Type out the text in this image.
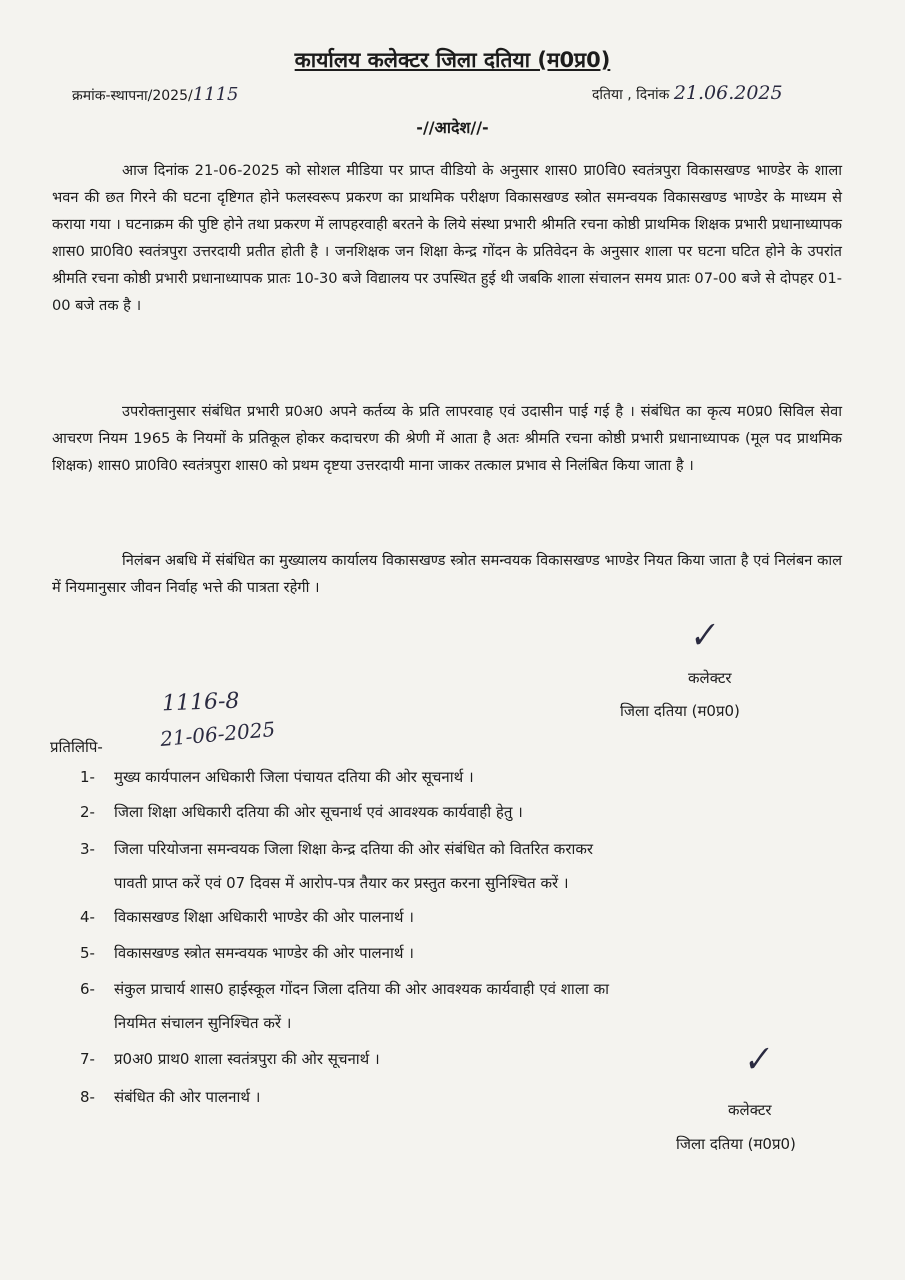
कार्यालय कलेक्टर जिला दतिया (म0प्र0)
क्रमांक-स्थापना/2025/1115	दतिया , दिनांक 21.06.2025
-//आदेश//-
आज दिनांक 21-06-2025 को सोशल मीडिया पर प्राप्त वीडियो के अनुसार शास0 प्रा0वि0 स्वतंत्रपुरा विकासखण्ड भाण्डेर के शाला भवन की छत गिरने की घटना दृष्टिगत होने फलस्वरूप प्रकरण का प्राथमिक परीक्षण विकासखण्ड स्त्रोत समन्वयक विकासखण्ड भाण्डेर के माध्यम से कराया गया । घटनाक्रम की पुष्टि होने तथा प्रकरण में लापहरवाही बरतने के लिये संस्था प्रभारी श्रीमति रचना कोष्ठी प्राथमिक शिक्षक प्रभारी प्रधानाध्यापक शास0 प्रा0वि0 स्वतंत्रपुरा उत्तरदायी प्रतीत होती है । जनशिक्षक जन शिक्षा केन्द्र गोंदन के प्रतिवेदन के अनुसार शाला पर घटना घटित होने के उपरांत श्रीमति रचना कोष्ठी प्रभारी प्रधानाध्यापक प्रातः 10-30 बजे विद्यालय पर उपस्थित हुई थी जबकि शाला संचालन समय प्रातः 07-00 बजे से दोपहर 01-00 बजे तक है ।
उपरोक्तानुसार संबंधित प्रभारी प्र0अ0 अपने कर्तव्य के प्रति लापरवाह एवं उदासीन पाई गई है । संबंधित का कृत्य म0प्र0 सिविल सेवा आचरण नियम 1965 के नियमों के प्रतिकूल होकर कदाचरण की श्रेणी में आता है अतः श्रीमति रचना कोष्ठी प्रभारी प्रधानाध्यापक (मूल पद प्राथमिक शिक्षक) शास0 प्रा0वि0 स्वतंत्रपुरा शास0 को प्रथम दृष्टया उत्तरदायी माना जाकर तत्काल प्रभाव से निलंबित किया जाता है ।
निलंबन अबधि में संबंधित का मुख्यालय कार्यालय विकासखण्ड स्त्रोत समन्वयक विकासखण्ड भाण्डेर नियत किया जाता है एवं निलंबन काल में नियमानुसार जीवन निर्वाह भत्ते की पात्रता रहेगी ।
✓
कलेक्टर
जिला दतिया (म0प्र0)
1116-8
21-06-2025
प्रतिलिपि-
1- मुख्य कार्यपालन अधिकारी जिला पंचायत दतिया की ओर सूचनार्थ ।
2- जिला शिक्षा अधिकारी दतिया की ओर सूचनार्थ एवं आवश्यक कार्यवाही हेतु ।
3- जिला परियोजना समन्वयक जिला शिक्षा केन्द्र दतिया की ओर संबंधित को वितरित कराकर
पावती प्राप्त करें एवं 07 दिवस में आरोप-पत्र तैयार कर प्रस्तुत करना सुनिश्चित करें ।
4- विकासखण्ड शिक्षा अधिकारी भाण्डेर की ओर पालनार्थ ।
5- विकासखण्ड स्त्रोत समन्वयक भाण्डेर की ओर पालनार्थ ।
6- संकुल प्राचार्य शास0 हाईस्कूल गोंदन जिला दतिया की ओर आवश्यक कार्यवाही एवं शाला का
नियमित संचालन सुनिश्चित करें ।
7- प्र0अ0 प्राथ0 शाला स्वतंत्रपुरा की ओर सूचनार्थ ।
8- संबंधित की ओर पालनार्थ ।
✓
कलेक्टर
जिला दतिया (म0प्र0)
